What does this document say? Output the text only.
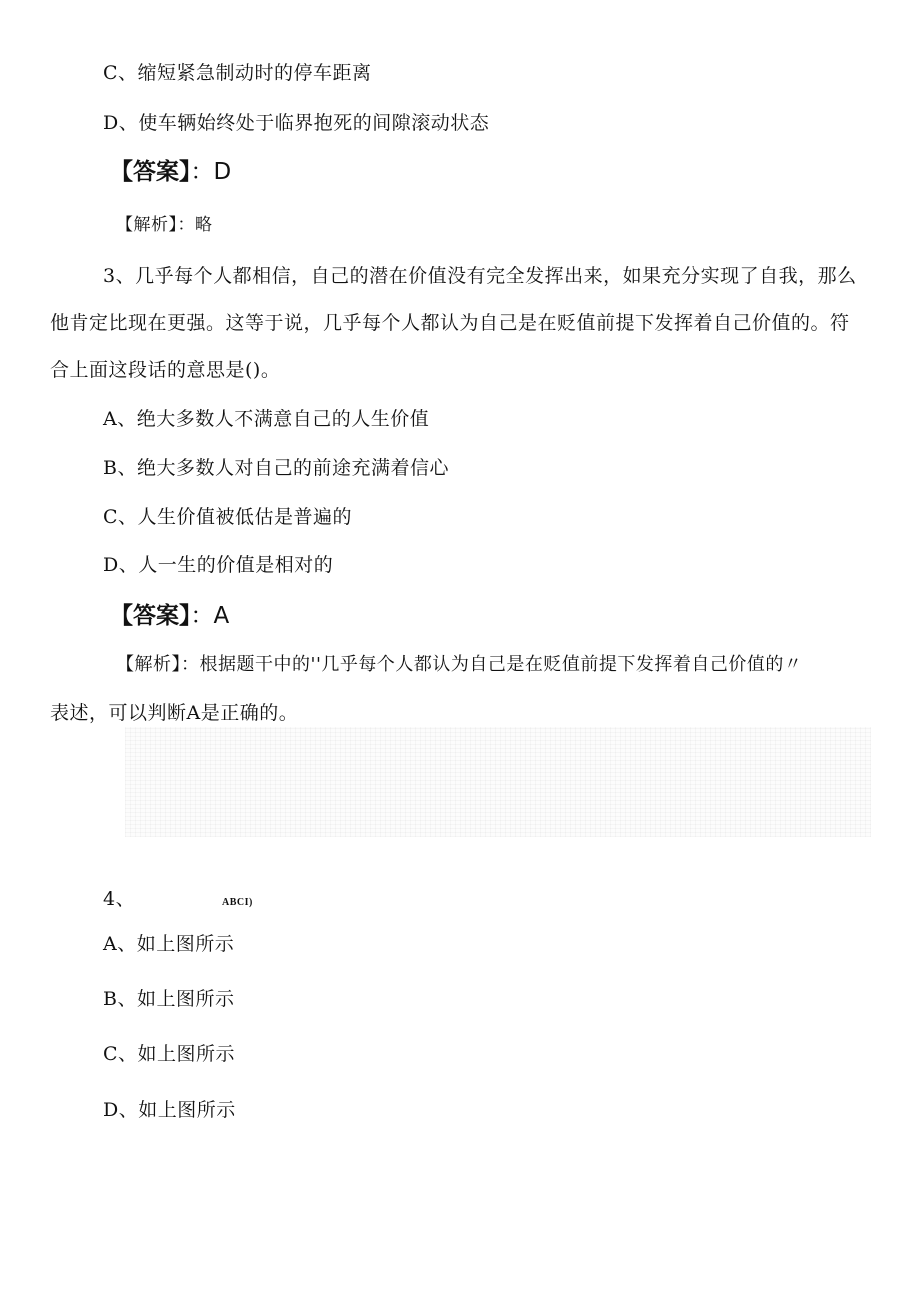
C、缩短紧急制动时的停车距离
D、使车辆始终处于临界抱死的间隙滚动状态
【答案】：D
【解析】：略
3、几乎每个人都相信，自己的潜在价值没有完全发挥出来，如果充分实现了自我，那么
他肯定比现在更强。这等于说，几乎每个人都认为自己是在贬值前提下发挥着自己价值的。符
合上面这段话的意思是()。
A、绝大多数人不满意自己的人生价值
B、绝大多数人对自己的前途充满着信心
C、人生价值被低估是普遍的
D、人一生的价值是相对的
【答案】：A
【解析】：根据题干中的''几乎每个人都认为自己是在贬值前提下发挥着自己价值的〃
表述，可以判断A是正确的。
4、	ABCI)
A、如上图所示
B、如上图所示
C、如上图所示
D、如上图所示
